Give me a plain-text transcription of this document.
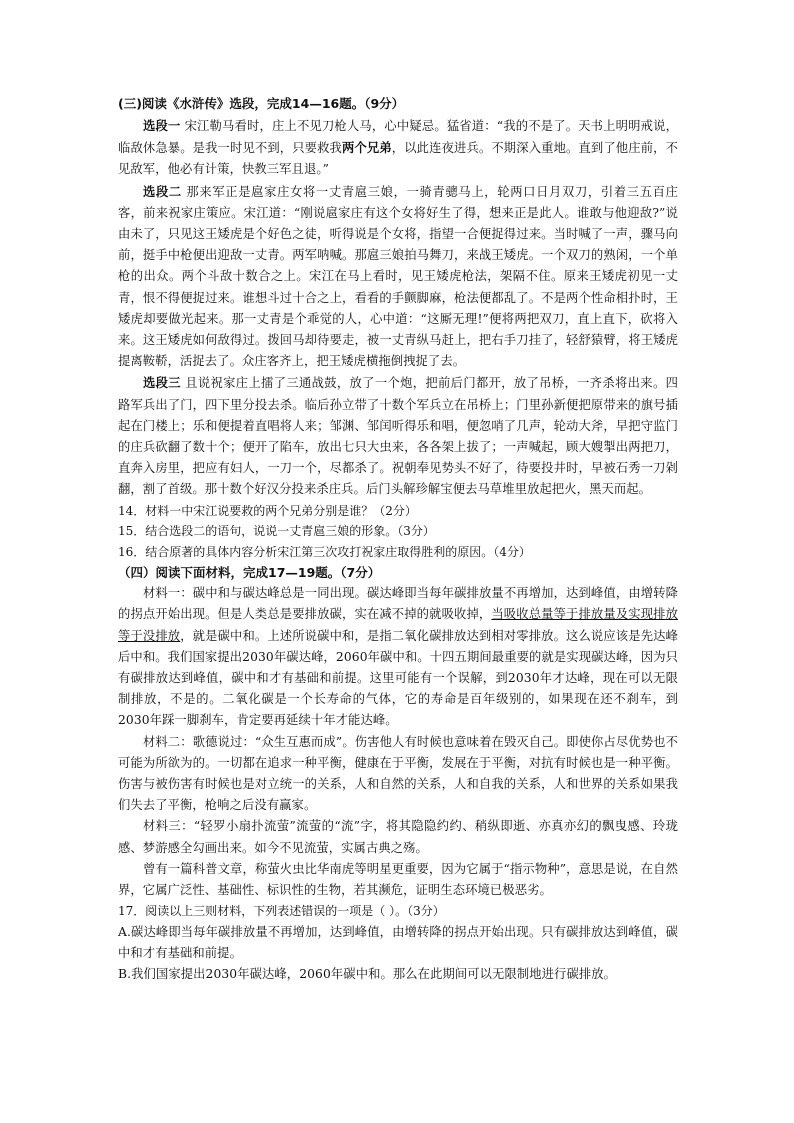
(三)阅读《水浒传》选段，完成14—16题。（9分）

选段一 宋江勒马看时，庄上不见刀枪人马，心中疑忌。猛省道：“我的不是了。天书上明明戒说，临敌休急暴。是我一时见不到，只要救我两个兄弟，以此连夜进兵。不期深入重地。直到了他庄前，不见敌军，他必有计策，快教三军且退。”

选段二 那来军正是扈家庄女将一丈青扈三娘，一骑青骢马上，轮两口日月双刀，引着三五百庄客，前来祝家庄策应。宋江道：“刚说扈家庄有这个女将好生了得，想来正是此人。谁敢与他迎敌?”说由未了，只见这王矮虎是个好色之徒，听得说是个女将，指望一合便捉得过来。当时喊了一声，骤马向前，挺手中枪便出迎敌一丈青。两军呐喊。那扈三娘拍马舞刀，来战王矮虎。一个双刀的熟闲，一个单枪的出众。两个斗敌十数合之上。宋江在马上看时，见王矮虎枪法，架隔不住。原来王矮虎初见一丈青，恨不得便捉过来。谁想斗过十合之上，看看的手颤脚麻，枪法便都乱了。不是两个性命相扑时，王矮虎却要做光起来。那一丈青是个乖觉的人，心中道：“这厮无理!”便将两把双刀，直上直下，砍将入来。这王矮虎如何敌得过。拨回马却待要走，被一丈青纵马赶上，把右手刀挂了，轻舒猿臂，将王矮虎提离鞍鞒，活捉去了。众庄客齐上，把王矮虎横拖倒拽捉了去。

选段三 且说祝家庄上擂了三通战鼓，放了一个炮，把前后门都开，放了吊桥，一齐杀将出来。四路军兵出了门，四下里分投去杀。临后孙立带了十数个军兵立在吊桥上；门里孙新便把原带来的旗号插起在门楼上；乐和便提着直唱将人来；邹渊、邹闰听得乐和唱，便忽哨了几声，轮动大斧，早把守监门的庄兵砍翻了数十个；便开了陷车，放出七只大虫来，各各架上拔了；一声喊起，顾大嫂掣出两把刀，直奔入房里，把应有妇人，一刀一个，尽都杀了。祝朝奉见势头不好了，待要投井时，早被石秀一刀剁翻，割了首级。那十数个好汉分投来杀庄兵。后门头解珍解宝便去马草堆里放起把火，黑天而起。

14．材料一中宋江说要救的两个兄弟分别是谁？（2分）
15．结合选段二的语句，说说一丈青扈三娘的形象。（3分）
16．结合原著的具体内容分析宋江第三次攻打祝家庄取得胜利的原因。（4分）
（四）阅读下面材料，完成17—19题。（7分）

材料一：碳中和与碳达峰总是一同出现。碳达峰即当每年碳排放量不再增加，达到峰值，由增转降的拐点开始出现。但是人类总是要排放碳，实在减不掉的就吸收掉，当吸收总量等于排放量及实现排放等于没排放，就是碳中和。上述所说碳中和，是指二氧化碳排放达到相对零排放。这么说应该是先达峰后中和。我们国家提出2030年碳达峰，2060年碳中和。十四五期间最重要的就是实现碳达峰，因为只有碳排放达到峰值，碳中和才有基础和前提。这里可能有一个误解，到2030年才达峰，现在可以无限制排放，不是的。二氧化碳是一个长寿命的气体，它的寿命是百年级别的，如果现在还不刹车，到2030年踩一脚刹车，肯定要再延续十年才能达峰。

材料二：歌德说过：“众生互惠而成”。伤害他人有时候也意味着在毁灭自己。即使你占尽优势也不可能为所欲为的。一切都在追求一种平衡，健康在于平衡，发展在于平衡，对抗有时候也是一种平衡。伤害与被伤害有时候也是对立统一的关系，人和自然的关系，人和自我的关系，人和世界的关系如果我们失去了平衡，枪响之后没有赢家。

材料三：“轻罗小扇扑流萤”流萤的“流”字，将其隐隐约约、稍纵即逝、亦真亦幻的飘曳感、玲珑感、梦游感全勾画出来。如今不见流萤，实属古典之殇。

曾有一篇科普文章，称萤火虫比华南虎等明星更重要，因为它属于“指示物种”，意思是说，在自然界，它属广泛性、基础性、标识性的生物，若其濒危，证明生态环境已极恶劣。

17．阅读以上三则材料，下列表述错误的一项是（ ）。（3分）

A.碳达峰即当每年碳排放量不再增加，达到峰值，由增转降的拐点开始出现。只有碳排放达到峰值，碳中和才有基础和前提。

B.我们国家提出2030年碳达峰，2060年碳中和。那么在此期间可以无限制地进行碳排放。
